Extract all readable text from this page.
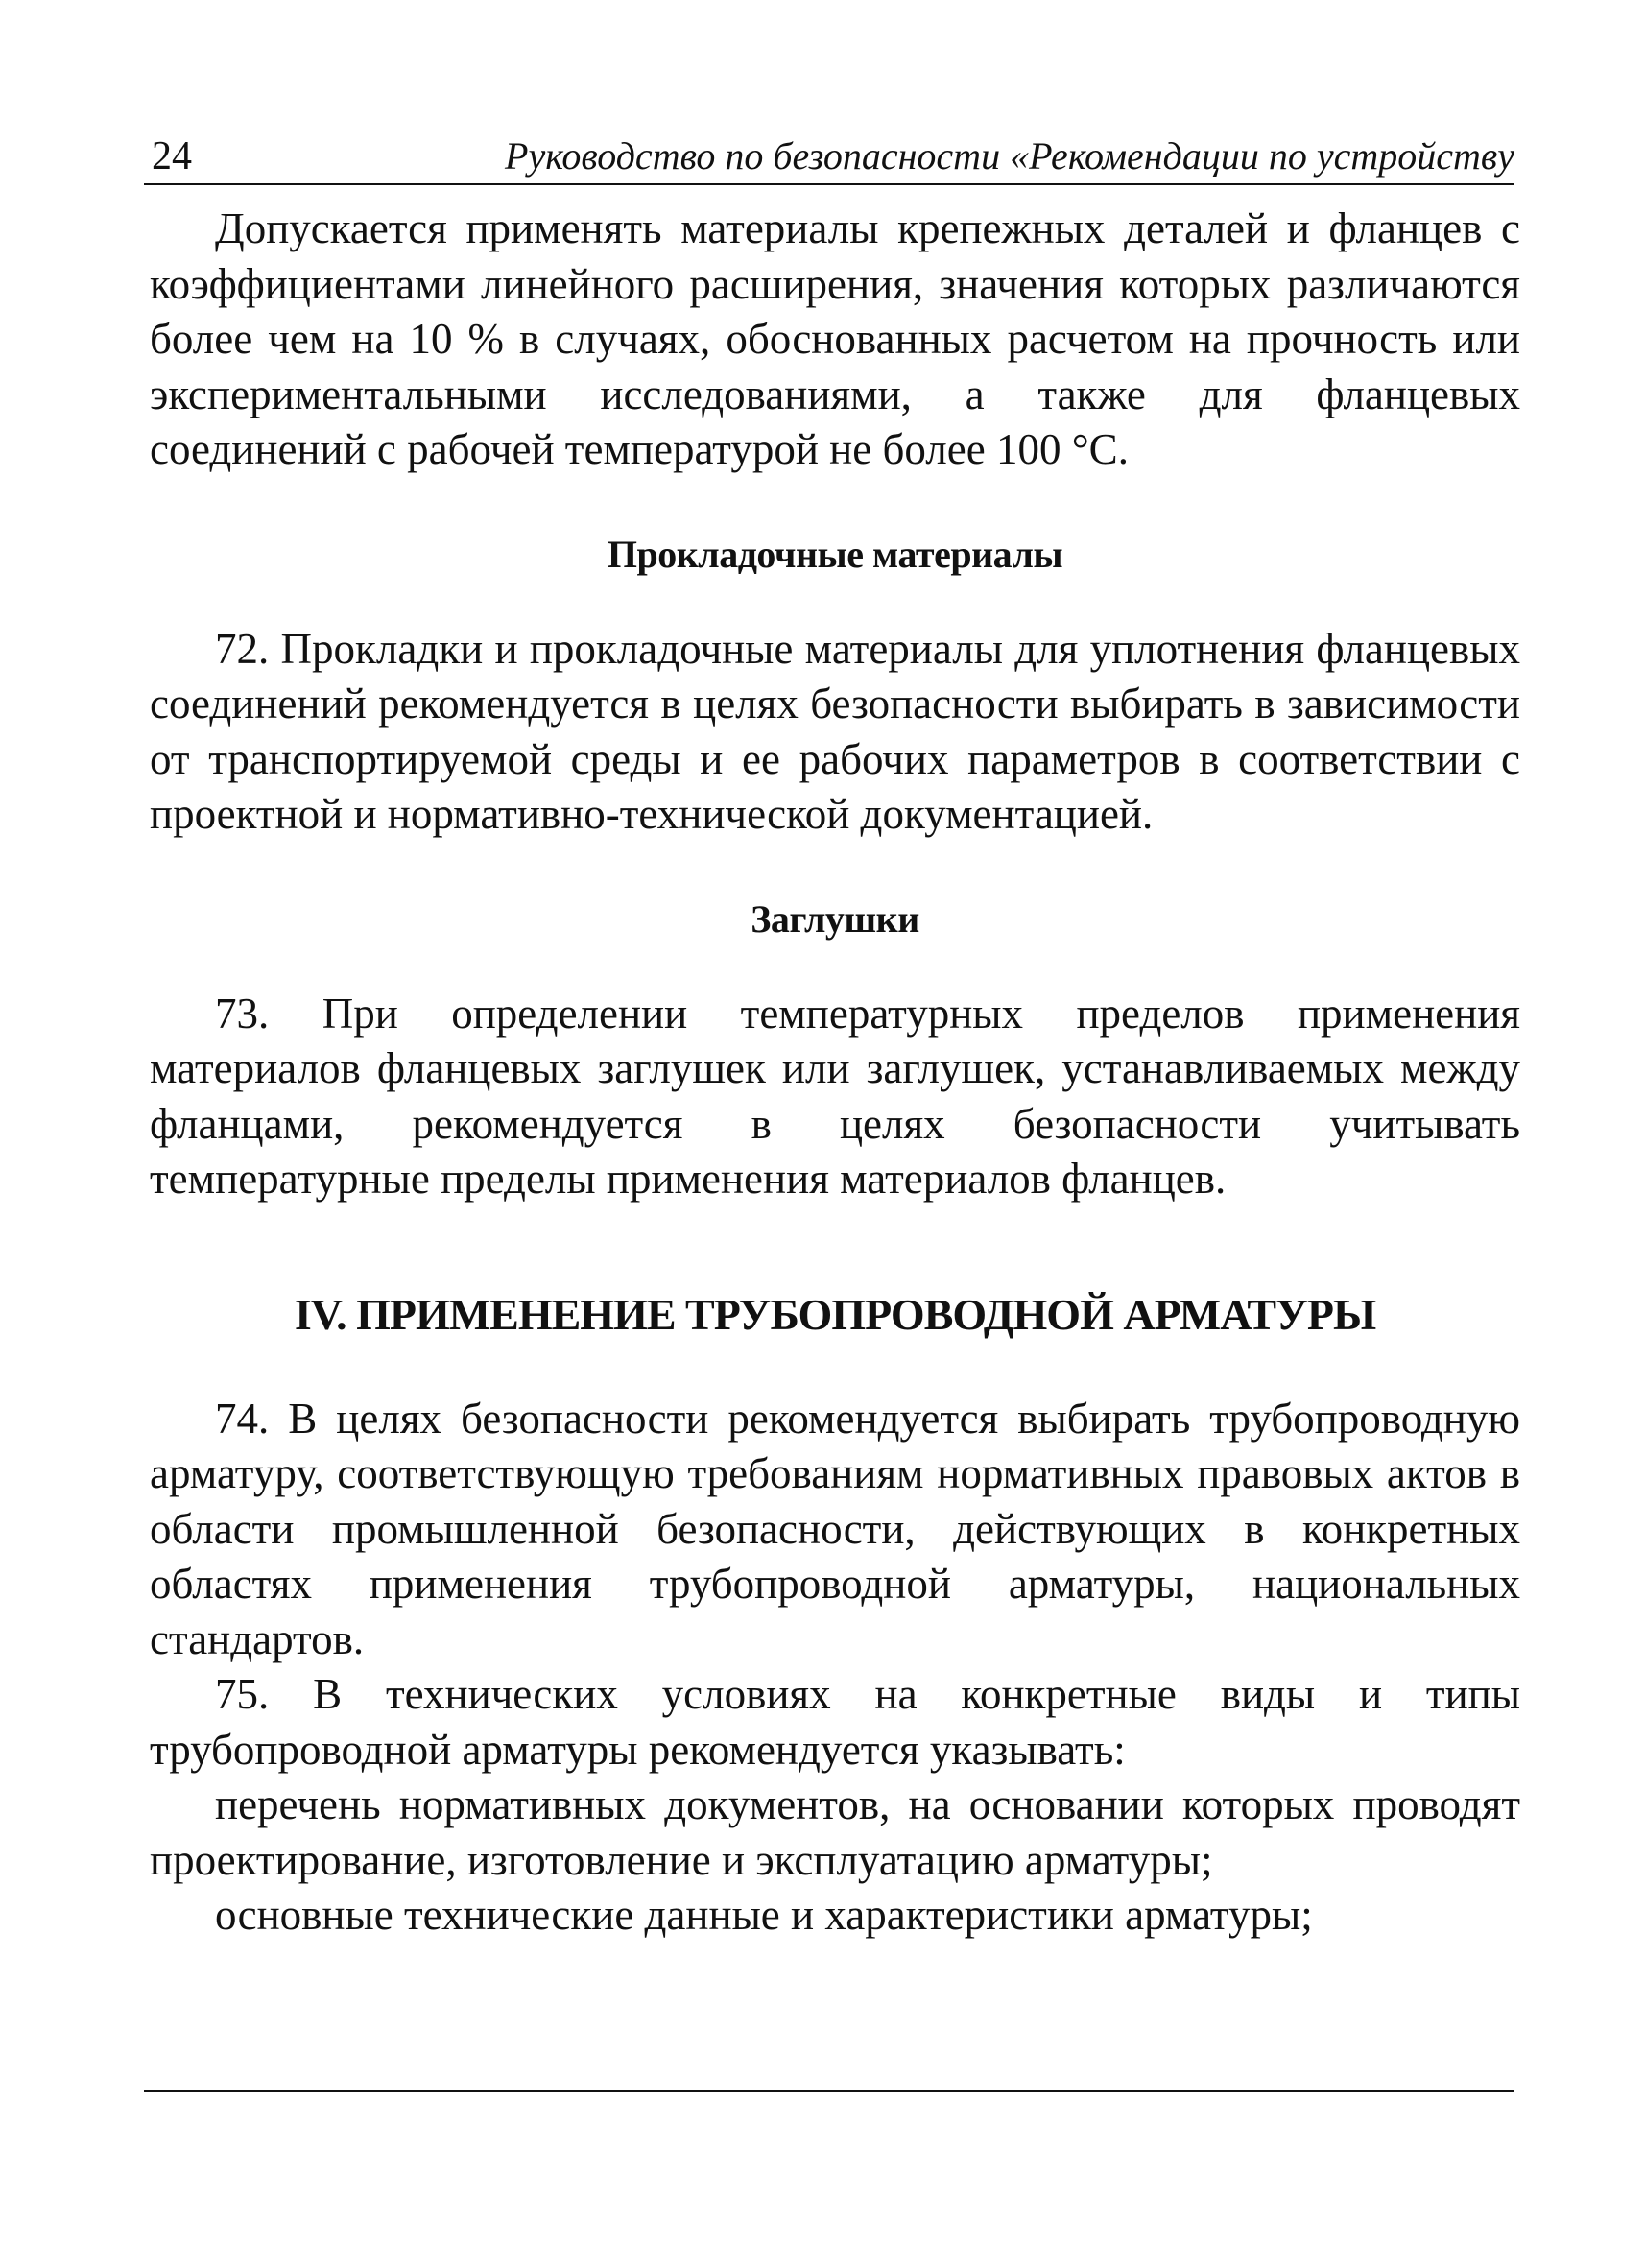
24	Руководство по безопасности «Рекомендации по устройству

Допускается применять материалы крепежных деталей и фланцев с коэффициентами линейного расширения, значения которых различаются более чем на 10 % в случаях, обоснованных расчетом на прочность или экспериментальными исследованиями, а также для фланцевых соединений с рабочей температурой не более 100 °С.

Прокладочные материалы

72. Прокладки и прокладочные материалы для уплотнения фланцевых соединений рекомендуется в целях безопасности выбирать в зависимости от транспортируемой среды и ее рабочих параметров в соответствии с проектной и нормативно-технической документацией.

Заглушки

73. При определении температурных пределов применения материалов фланцевых заглушек или заглушек, устанавливаемых между фланцами, рекомендуется в целях безопасности учитывать температурные пределы применения материалов фланцев.

IV. ПРИМЕНЕНИЕ ТРУБОПРОВОДНОЙ АРМАТУРЫ

74. В целях безопасности рекомендуется выбирать трубопроводную арматуру, соответствующую требованиям нормативных правовых актов в области промышленной безопасности, действующих в конкретных областях применения трубопроводной арматуры, национальных стандартов.

75. В технических условиях на конкретные виды и типы трубопроводной арматуры рекомендуется указывать:

перечень нормативных документов, на основании которых проводят проектирование, изготовление и эксплуатацию арматуры;

основные технические данные и характеристики арматуры;
